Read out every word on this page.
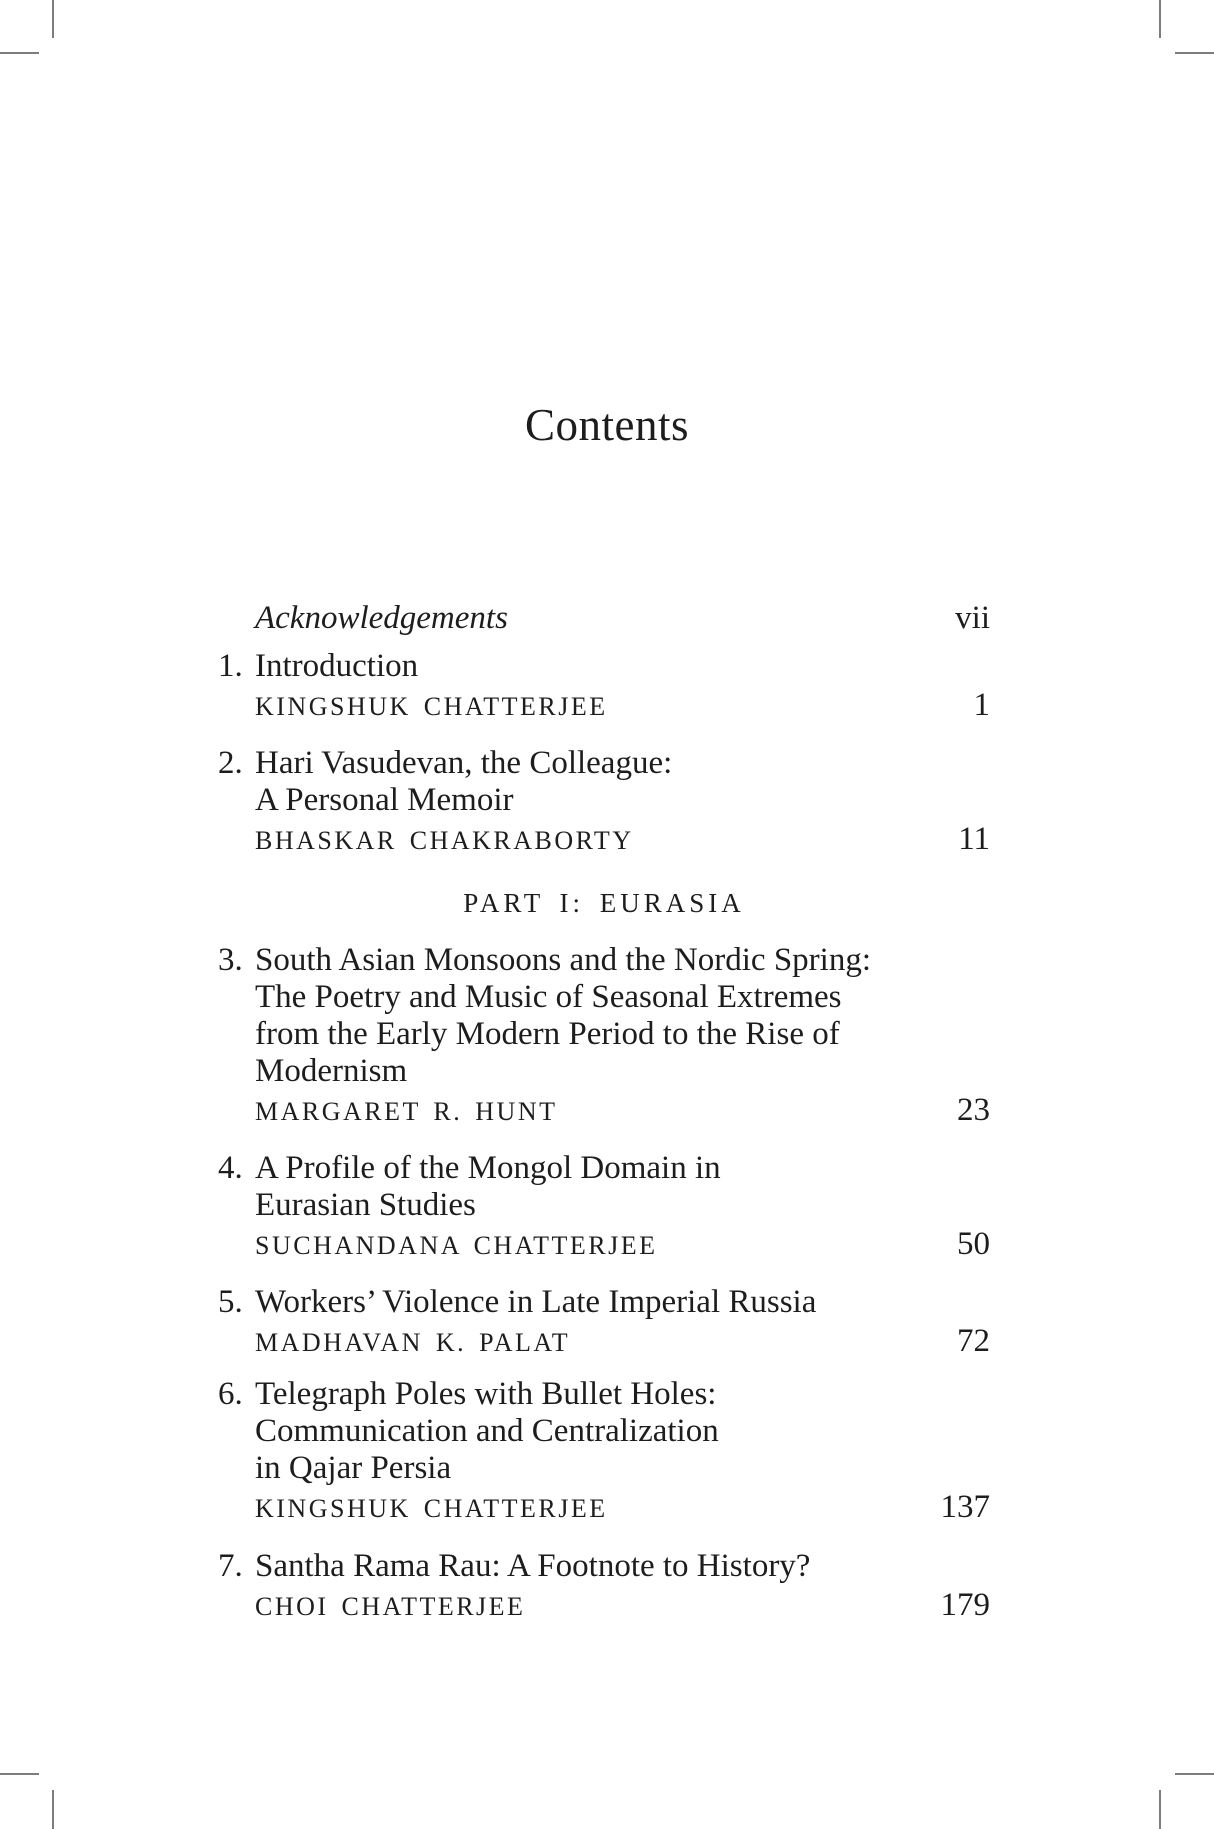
Contents
Acknowledgements	vii
1. Introduction
KINGSHUK CHATTERJEE	1
2. Hari Vasudevan, the Colleague:
A Personal Memoir
BHASKAR CHAKRABORTY	11
PART I: EURASIA
3. South Asian Monsoons and the Nordic Spring:
The Poetry and Music of Seasonal Extremes
from the Early Modern Period to the Rise of
Modernism
MARGARET R. HUNT	23
4. A Profile of the Mongol Domain in
Eurasian Studies
SUCHANDANA CHATTERJEE	50
5. Workers’ Violence in Late Imperial Russia
MADHAVAN K. PALAT	72
6. Telegraph Poles with Bullet Holes:
Communication and Centralization
in Qajar Persia
KINGSHUK CHATTERJEE	137
7. Santha Rama Rau: A Footnote to History?
CHOI CHATTERJEE	179
